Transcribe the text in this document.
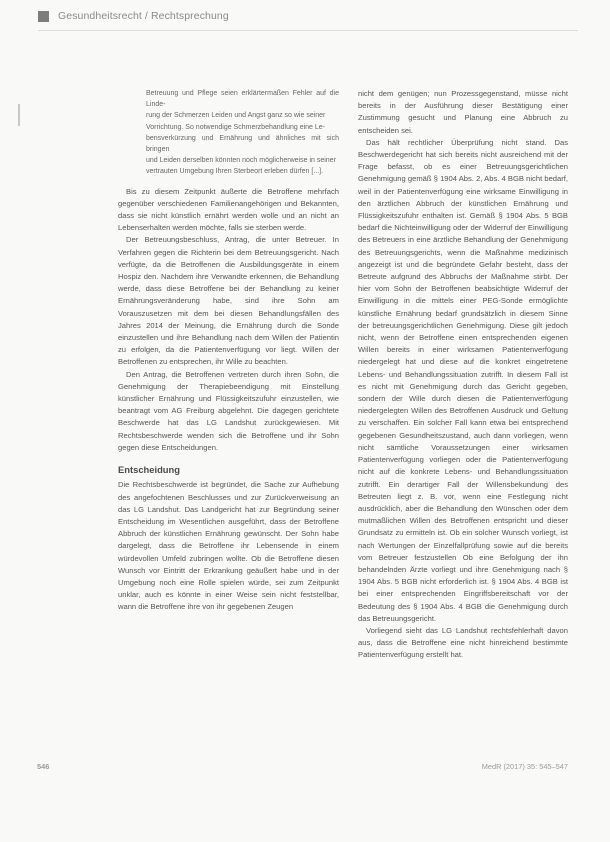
Gesundheitsrecht / Rechtsprechung

Betreuung und Pflege seien erklärtermaßen Fehler auf die Linde-
rung der Schmerzen Leiden und Angst ganz so wie seiner
Vorrichtung. So notwendige Schmerzbehandlung eine Le-
bensverkürzung und Ernährung und ähnliches mit sich bringen
und Leiden derselben könnten noch möglicherweise in seiner
vertrauten Umgebung Ihren Sterbeort erleben dürfen [...].

Bis zu diesem Zeitpunkt äußerte die Betroffene mehrfach gegenüber verschiedenen Familienangehörigen und Bekannten, dass sie nicht künstlich ernährt werden wolle und an nicht an Lebenserhalten werden möchte, falls sie sterben werde.

Der Betreuungsbeschluss, Antrag, die unter Betreuer. In Verfahren gegen die Richterin bei dem Betreuungsgericht. Nach verfügte, da die Betroffenen die Ausbildungsgeräte in einem Hospiz den. Nachdem ihre Verwandte erkennen, die Behandlung werde, dass diese Betroffene bei der Behandlung zu keiner Ernährungsveränderung habe, sind ihre Sohn am Vorauszusetzen mit dem bei diesen Behandlungsfällen des Jahres 2014 der Meinung, die Ernährung durch die Sonde einzustellen und ihre Behandlung nach dem Willen der Patientin zu erfolgen, da die Patientenverfügung vor liegt. Willen der Betroffenen zu entsprechen, ihr Wille zu beachten.

Den Antrag, die Betroffenen vertreten durch ihren Sohn, die Genehmigung der Therapiebeendigung mit Einstellung künstlicher Ernährung und Flüssigkeitszufuhr einzustellen, wie beantragt vom AG Freiburg abgelehnt. Die dagegen gerichtete Beschwerde hat das LG Landshut zurückgewiesen. Mit Rechtsbeschwerde wenden sich die Betroffene und ihr Sohn gegen diese Entscheidungen.

Entscheidung

Die Rechtsbeschwerde ist begründet, die Sache zur Aufhebung des angefochtenen Beschlusses und zur Zurückverweisung an das LG Landshut. Das Landgericht hat zur Begründung seiner Entscheidung im Wesentlichen ausgeführt, dass der Betroffene Abbruch der künstlichen Ernährung gewünscht. Der Sohn habe dargelegt, dass die Betroffene ihr Lebensende in einem würdevollen Umfeld zubringen wollte. Ob die Betroffene diesen Wunsch vor Eintritt der Erkrankung geäußert habe und in der Umgebung noch eine Rolle spielen würde, sei zum Zeitpunkt unklar, auch es könnte in einer Weise sein nicht feststellbar, wann die Betroffene ihre von ihr gegebenen Zeugen

nicht dem genügen; nun Prozessgegenstand, müsse nicht bereits in der Ausführung dieser Bestätigung einer Zustimmung gesucht und Planung eine Abbruch zu entscheiden sei.

Das hält rechtlicher Überprüfung nicht stand. Das Beschwerdegericht hat sich bereits nicht ausreichend mit der Frage befasst, ob es einer Betreuungsgerichtlichen Genehmigung gemäß § 1904 Abs. 2, Abs. 4 BGB nicht bedarf, weil in der Patientenverfügung eine wirksame Einwilligung in den ärztlichen Abbruch der künstlichen Ernährung und Flüssigkeitszufuhr enthalten ist. Gemäß § 1904 Abs. 5 BGB bedarf die Nichteinwilligung oder der Widerruf der Einwilligung des Betreuers in eine ärztliche Behandlung der Genehmigung des Betreuungsgerichts, wenn die Maßnahme medizinisch angezeigt ist und die begründete Gefahr besteht, dass der Betreute aufgrund des Abbruchs der Maßnahme stirbt. Der hier vom Sohn der Betroffenen beabsichtigte Widerruf der Einwilligung in die mittels einer PEG-Sonde ermöglichte künstliche Ernährung bedarf grundsätzlich in diesem Sinne der betreuungsgerichtlichen Genehmigung. Diese gilt jedoch nicht, wenn der Betroffene einen entsprechenden eigenen Willen bereits in einer wirksamen Patientenverfügung niedergelegt hat und diese auf die konkret eingetretene Lebens- und Behandlungssituation zutrifft. In diesem Fall ist es nicht mit Genehmigung durch das Gericht gegeben, sondern der Wille durch diesen die Patientenverfügung niedergelegten Willen des Betroffenen Ausdruck und Geltung zu verschaffen. Ein solcher Fall kann etwa bei entsprechend gegebenen Gesundheitszustand, auch dann vorliegen, wenn nicht sämtliche Voraussetzungen einer wirksamen Patientenverfügung vorliegen oder die Patientenverfügung nicht auf die konkrete Lebens- und Behandlungssituation zutrifft. Ein derartiger Fall der Willensbekundung des Betreuten liegt z. B. vor, wenn eine Festlegung nicht ausdrücklich, aber die Behandlung den Wünschen oder dem mutmaßlichen Willen des Betroffenen entspricht und dieser Grundsatz zu ermitteln ist. Ob ein solcher Wunsch vorliegt, ist nach Wertungen der Einzelfallprüfung sowie auf die bereits vom Betreuer festzustellen Ob eine Befolgung der ihn behandelnden Ärzte vorliegt und ihre Genehmigung nach § 1904 Abs. 5 BGB nicht erforderlich ist. § 1904 Abs. 4 BGB ist bei einer entsprechenden Eingriffsbereitschaft vor der Bedeutung des § 1904 Abs. 4 BGB die Genehmigung durch das Betreuungsgericht.

Vorliegend sieht das LG Landshut rechtsfehlerhaft davon aus, dass die Betroffene eine nicht hinreichend bestimmte Patientenverfügung erstellt hat.

546	MedR (2017) 35: 545–547
